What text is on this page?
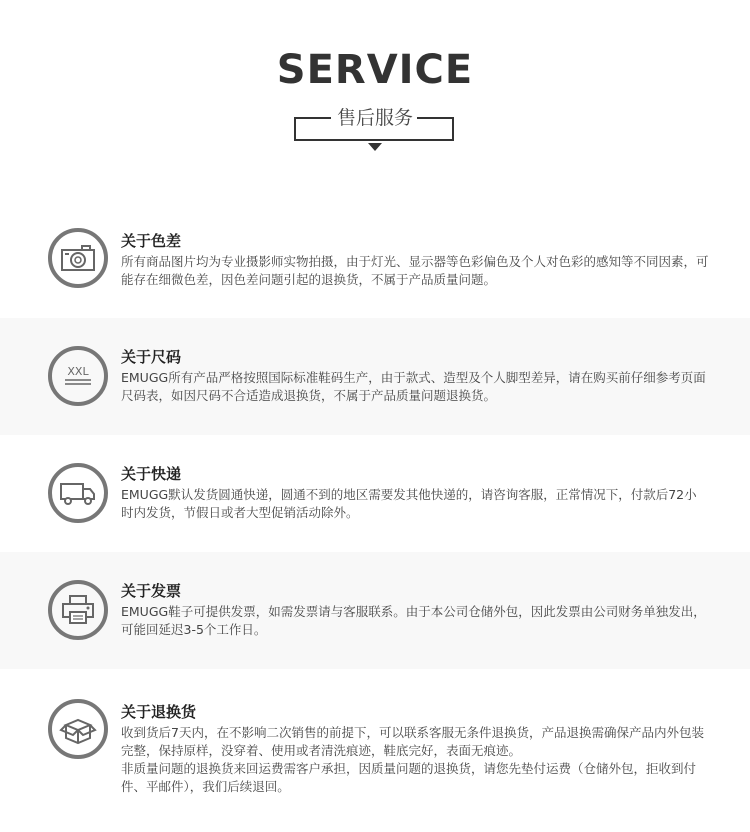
SERVICE
售后服务
关于色差

所有商品图片均为专业摄影师实物拍摄，由于灯光、显示器等色彩偏色及个人对色彩的感知等不同因素，可能存在细微色差，因色差问题引起的退换货，不属于产品质量问题。

XXL
关于尺码

EMUGG所有产品严格按照国际标准鞋码生产，由于款式、造型及个人脚型差异，请在购买前仔细参考页面尺码表，如因尺码不合适造成退换货，不属于产品质量问题退换货。

关于快递

EMUGG默认发货圆通快递，圆通不到的地区需要发其他快递的，请咨询客服，正常情况下，付款后72小时内发货，节假日或者大型促销活动除外。

关于发票

EMUGG鞋子可提供发票，如需发票请与客服联系。由于本公司仓储外包，因此发票由公司财务单独发出，可能回延迟3-5个工作日。

关于退换货

收到货后7天内，在不影响二次销售的前提下，可以联系客服无条件退换货，产品退换需确保产品内外包装完整，保持原样，没穿着、使用或者清洗痕迹，鞋底完好，表面无痕迹。

非质量问题的退换货来回运费需客户承担，因质量问题的退换货，请您先垫付运费（仓储外包，拒收到付件、平邮件），我们后续退回。
